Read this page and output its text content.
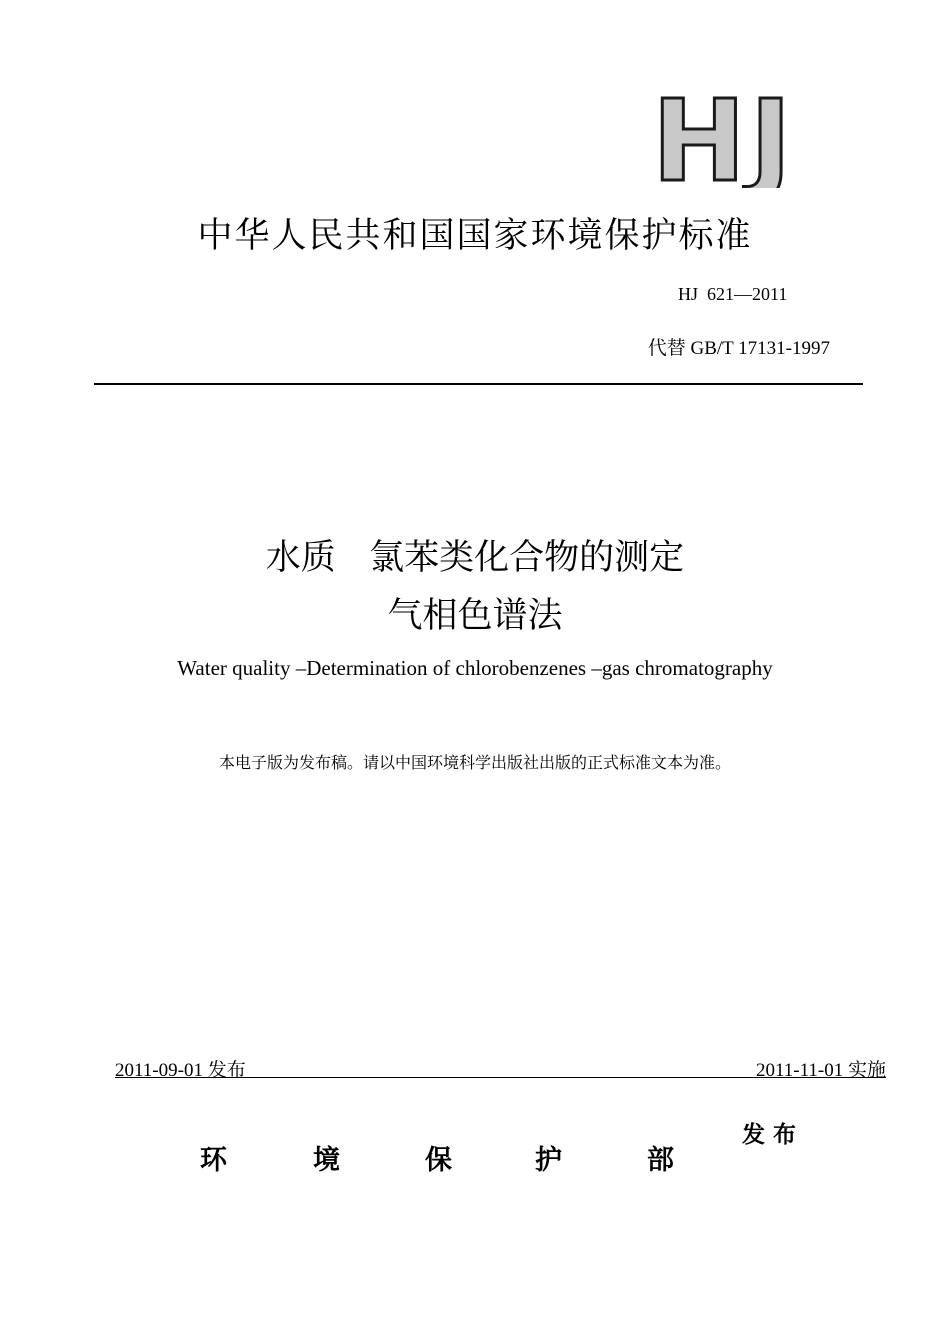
HJ
中华人民共和国国家环境保护标准
HJ  621—2011
代替 GB/T 17131-1997
水质   氯苯类化合物的测定
气相色谱法
Water quality –Determination of chlorobenzenes –gas chromatography
本电子版为发布稿。请以中国环境科学出版社出版的正式标准文本为准。
2011-09-01 发布	2011-11-01 实施
环	境	保	护	部
发布
